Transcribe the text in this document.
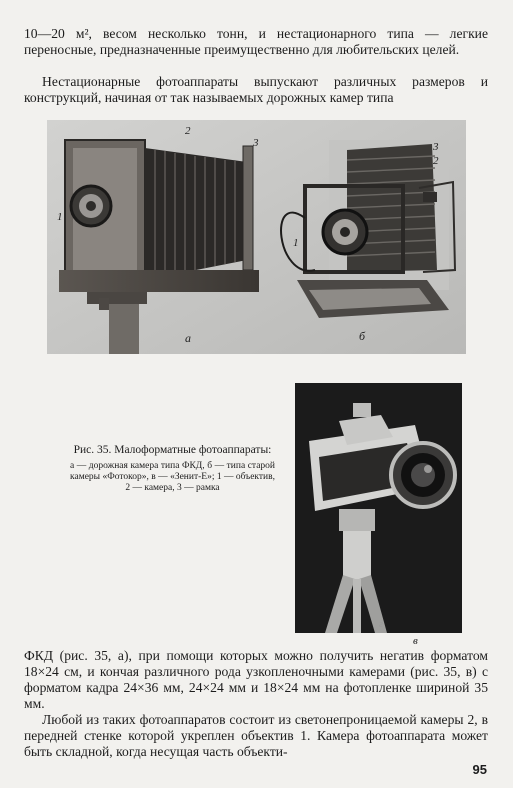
10—20 м², весом несколько тонн, и нестационарного типа — легкие переносные, предназначенные преимущественно для любительских целей.

Нестационарные фотоаппараты выпускают различных размеров и конструкций, начиная от так называемых дорожных камер типа

2
3
1
а
3
2
1
б

Рис. 35. Малоформатные фотоаппараты:

а — дорожная камера типа ФКД, б — типа старой камеры «Фотокор», в — «Зенит-Е»; 1 — объектив, 2 — камера, 3 — рамка

г
в

ФКД (рис. 35, а), при помощи которых можно получить негатив форматом 18×24 см, и кончая различного рода узкопленочными камерами (рис. 35, в) с форматом кадра 24×36 мм, 24×24 мм и 18×24 мм на фотопленке шириной 35 мм.

Любой из таких фотоаппаратов состоит из светонепроницаемой камеры 2, в передней стенке которой укреплен объектив 1. Камера фотоаппарата может быть складной, когда несущая часть объекти-

95
